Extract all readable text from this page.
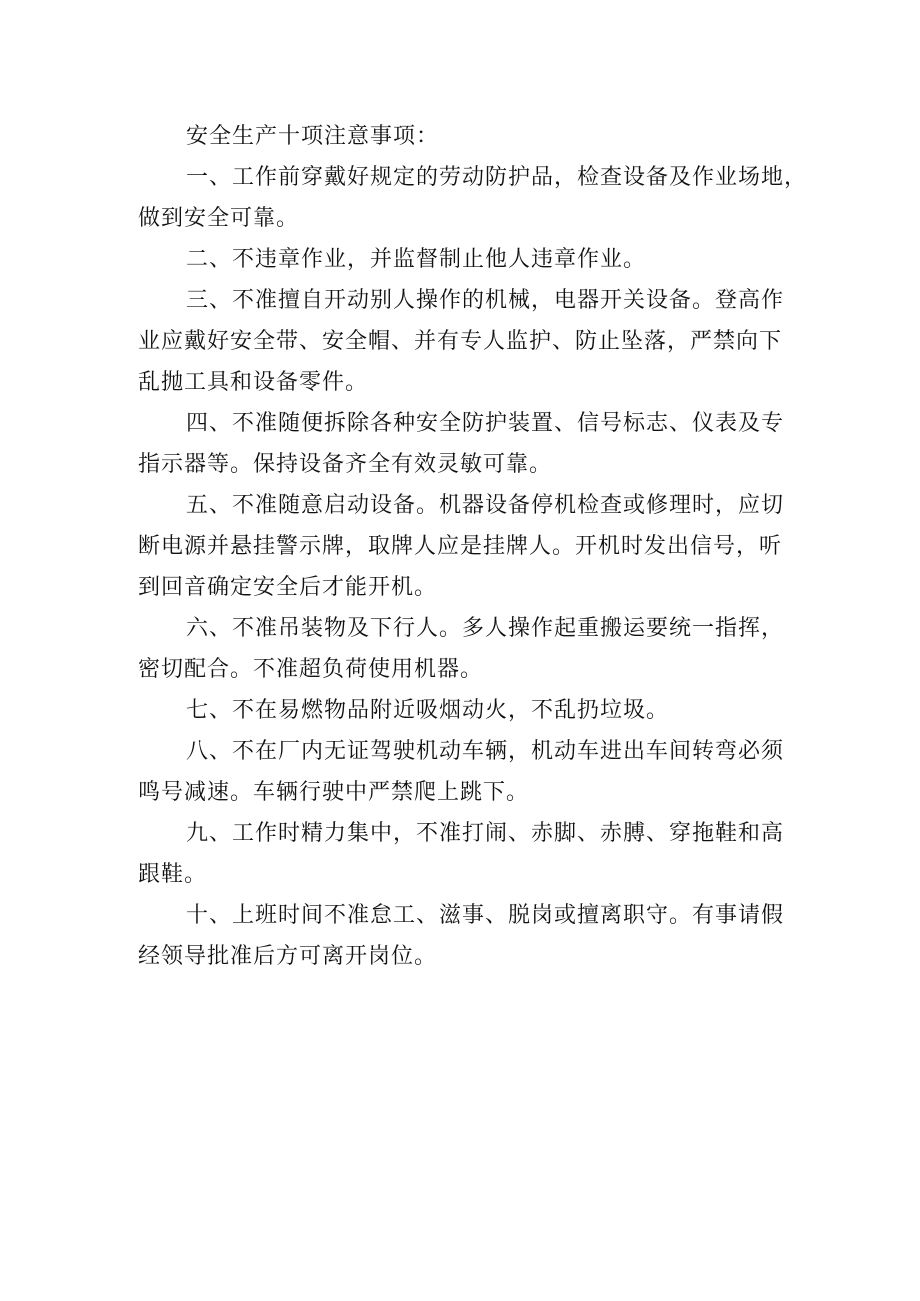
安全生产十项注意事项：
一、工作前穿戴好规定的劳动防护品，检查设备及作业场地，
做到安全可靠。
二、不违章作业，并监督制止他人违章作业。
三、不准擅自开动别人操作的机械，电器开关设备。登高作
业应戴好安全带、安全帽、并有专人监护、防止坠落，严禁向下
乱抛工具和设备零件。
四、不准随便拆除各种安全防护装置、信号标志、仪表及专
指示器等。保持设备齐全有效灵敏可靠。
五、不准随意启动设备。机器设备停机检查或修理时，应切
断电源并悬挂警示牌，取牌人应是挂牌人。开机时发出信号，听
到回音确定安全后才能开机。
六、不准吊装物及下行人。多人操作起重搬运要统一指挥，
密切配合。不准超负荷使用机器。
七、不在易燃物品附近吸烟动火，不乱扔垃圾。
八、不在厂内无证驾驶机动车辆，机动车进出车间转弯必须
鸣号减速。车辆行驶中严禁爬上跳下。
九、工作时精力集中，不准打闹、赤脚、赤膊、穿拖鞋和高
跟鞋。
十、上班时间不准怠工、滋事、脱岗或擅离职守。有事请假
经领导批准后方可离开岗位。
